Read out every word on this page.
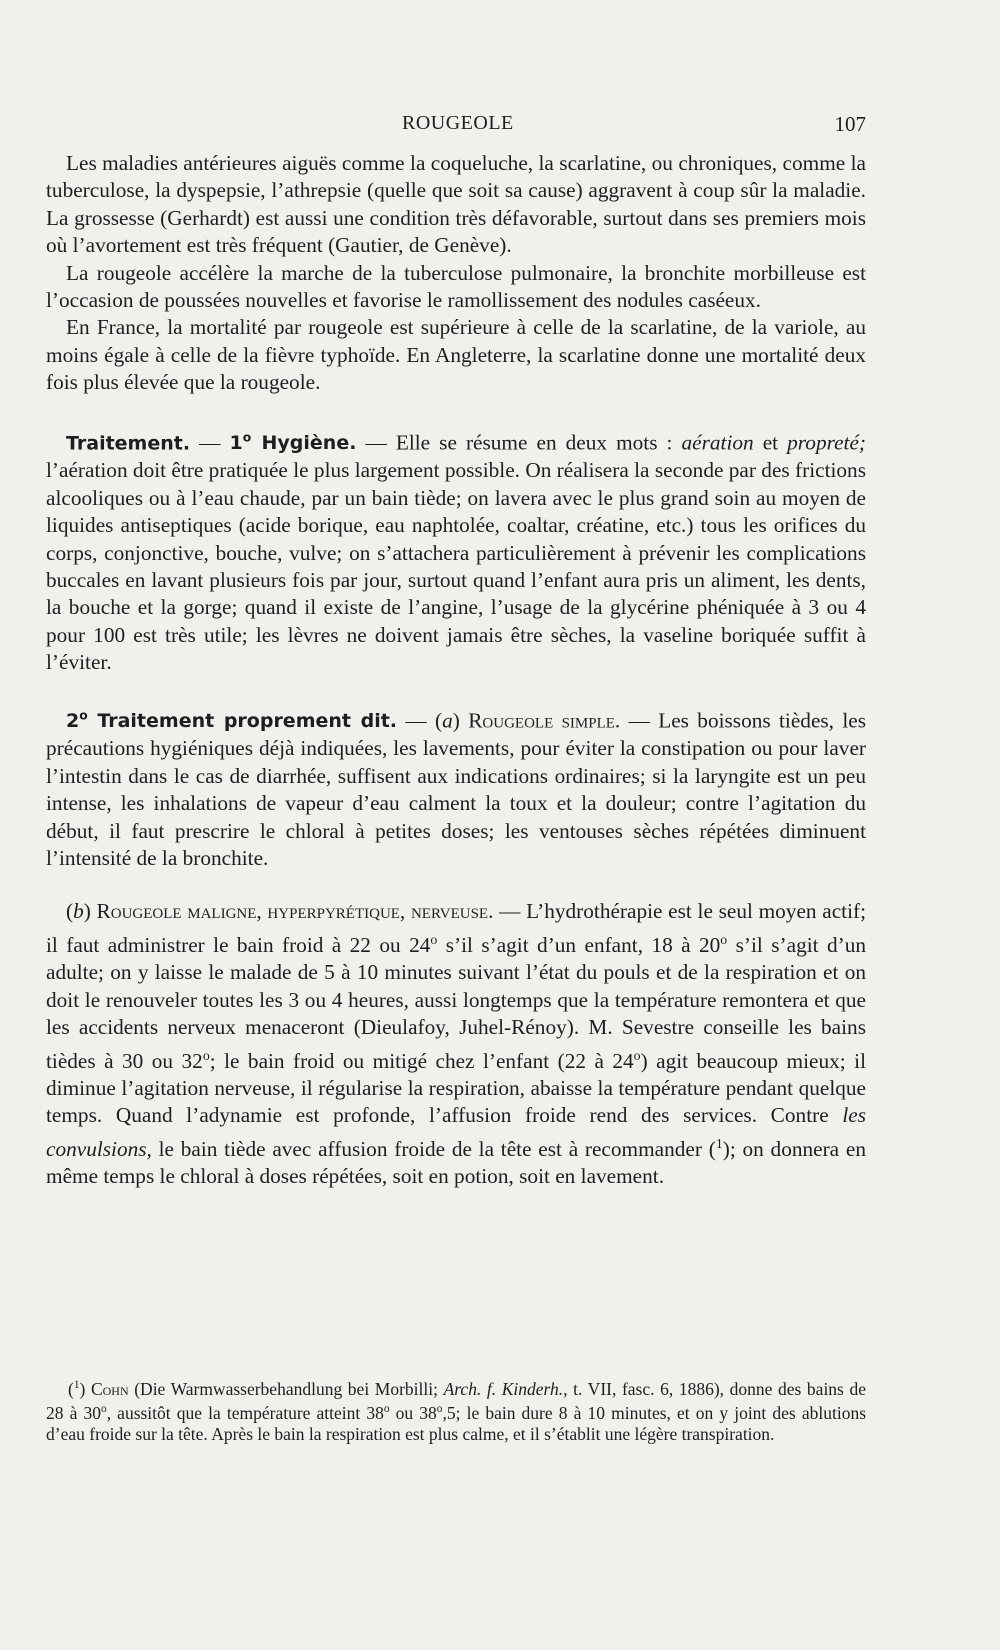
ROUGEOLE	107

Les maladies antérieures aiguës comme la coqueluche, la scarlatine, ou chroniques, comme la tuberculose, la dyspepsie, l’athrepsie (quelle que soit sa cause) aggravent à coup sûr la maladie. La grossesse (Gerhardt) est aussi une condition très défavorable, surtout dans ses premiers mois où l’avortement est très fréquent (Gautier, de Genève).

La rougeole accélère la marche de la tuberculose pulmonaire, la bronchite morbilleuse est l’occasion de poussées nouvelles et favorise le ramollissement des nodules caséeux.

En France, la mortalité par rougeole est supérieure à celle de la scarlatine, de la variole, au moins égale à celle de la fièvre typhoïde. En Angleterre, la scarlatine donne une mortalité deux fois plus élevée que la rougeole.

Traitement. — 1$^o$ Hygiène. — Elle se résume en deux mots : aération et propreté; l’aération doit être pratiquée le plus largement possible. On réalisera la seconde par des frictions alcooliques ou à l’eau chaude, par un bain tiède; on lavera avec le plus grand soin au moyen de liquides antiseptiques (acide borique, eau naphtolée, coaltar, créatine, etc.) tous les orifices du corps, conjonctive, bouche, vulve; on s’attachera particulièrement à prévenir les complications buccales en lavant plusieurs fois par jour, surtout quand l’enfant aura pris un aliment, les dents, la bouche et la gorge; quand il existe de l’angine, l’usage de la glycérine phéniquée à 3 ou 4 pour 100 est très utile; les lèvres ne doivent jamais être sèches, la vaseline boriquée suffit à l’éviter.

2$^o$ Traitement proprement dit. — (a) Rougeole simple. — Les boissons tièdes, les précautions hygiéniques déjà indiquées, les lavements, pour éviter la constipation ou pour laver l’intestin dans le cas de diarrhée, suffisent aux indications ordinaires; si la laryngite est un peu intense, les inhalations de vapeur d’eau calment la toux et la douleur; contre l’agitation du début, il faut prescrire le chloral à petites doses; les ventouses sèches répétées diminuent l’intensité de la bronchite.

(b) Rougeole maligne, hyperpyrétique, nerveuse. — L’hydrothérapie est le seul moyen actif; il faut administrer le bain froid à 22 ou 24$^o$ s’il s’agit d’un enfant, 18 à 20$^o$ s’il s’agit d’un adulte; on y laisse le malade de 5 à 10 minutes suivant l’état du pouls et de la respiration et on doit le renouveler toutes les 3 ou 4 heures, aussi longtemps que la température remontera et que les accidents nerveux menaceront (Dieulafoy, Juhel-Rénoy). M. Sevestre conseille les bains tièdes à 30 ou 32$^o$; le bain froid ou mitigé chez l’enfant (22 à 24$^o$) agit beaucoup mieux; il diminue l’agitation nerveuse, il régularise la respiration, abaisse la température pendant quelque temps. Quand l’adynamie est profonde, l’affusion froide rend des services. Contre les convulsions, le bain tiède avec affusion froide de la tête est à recommander ($^1$); on donnera en même temps le chloral à doses répétées, soit en potion, soit en lavement.

($^1$) Cohn (Die Warmwasserbehandlung bei Morbilli; Arch. f. Kinderh., t. VII, fasc. 6, 1886), donne des bains de 28 à 30$^o$, aussitôt que la température atteint 38$^o$ ou 38$^o$,5; le bain dure 8 à 10 minutes, et on y joint des ablutions d’eau froide sur la tête. Après le bain la respiration est plus calme, et il s’établit une légère transpiration.
